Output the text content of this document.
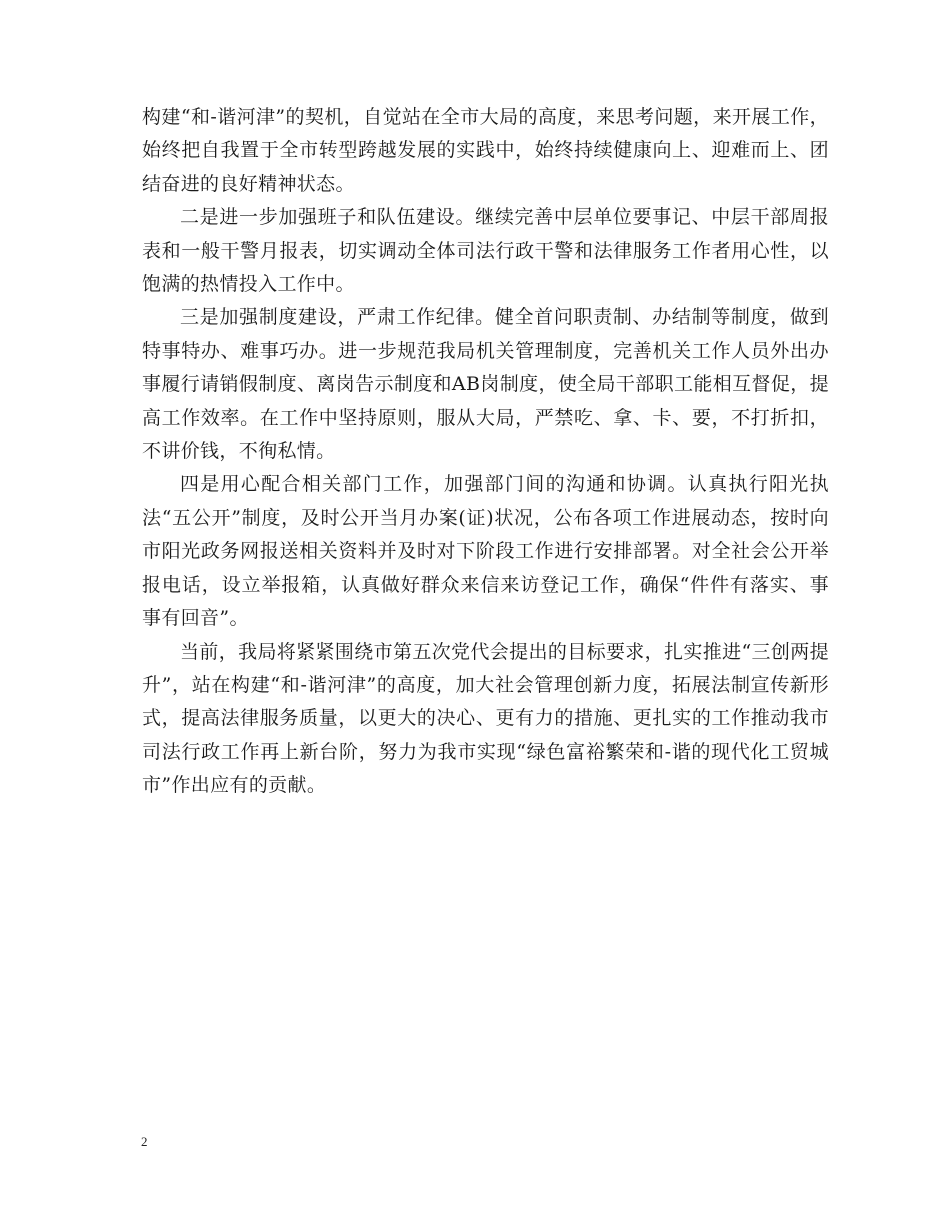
构建“和-谐河津”的契机，自觉站在全市大局的高度，来思考问题，来开展工作，始终把自我置于全市转型跨越发展的实践中，始终持续健康向上、迎难而上、团结奋进的良好精神状态。

二是进一步加强班子和队伍建设。继续完善中层单位要事记、中层干部周报表和一般干警月报表，切实调动全体司法行政干警和法律服务工作者用心性，以饱满的热情投入工作中。

三是加强制度建设，严肃工作纪律。健全首问职责制、办结制等制度，做到特事特办、难事巧办。进一步规范我局机关管理制度，完善机关工作人员外出办事履行请销假制度、离岗告示制度和AB岗制度，使全局干部职工能相互督促，提高工作效率。在工作中坚持原则，服从大局，严禁吃、拿、卡、要，不打折扣，不讲价钱，不徇私情。

四是用心配合相关部门工作，加强部门间的沟通和协调。认真执行阳光执法“五公开”制度，及时公开当月办案(证)状况，公布各项工作进展动态，按时向市阳光政务网报送相关资料并及时对下阶段工作进行安排部署。对全社会公开举报电话，设立举报箱，认真做好群众来信来访登记工作，确保“件件有落实、事事有回音”。

当前，我局将紧紧围绕市第五次党代会提出的目标要求，扎实推进“三创两提升”，站在构建“和-谐河津”的高度，加大社会管理创新力度，拓展法制宣传新形式，提高法律服务质量，以更大的决心、更有力的措施、更扎实的工作推动我市司法行政工作再上新台阶，努力为我市实现“绿色富裕繁荣和-谐的现代化工贸城市”作出应有的贡献。

2
